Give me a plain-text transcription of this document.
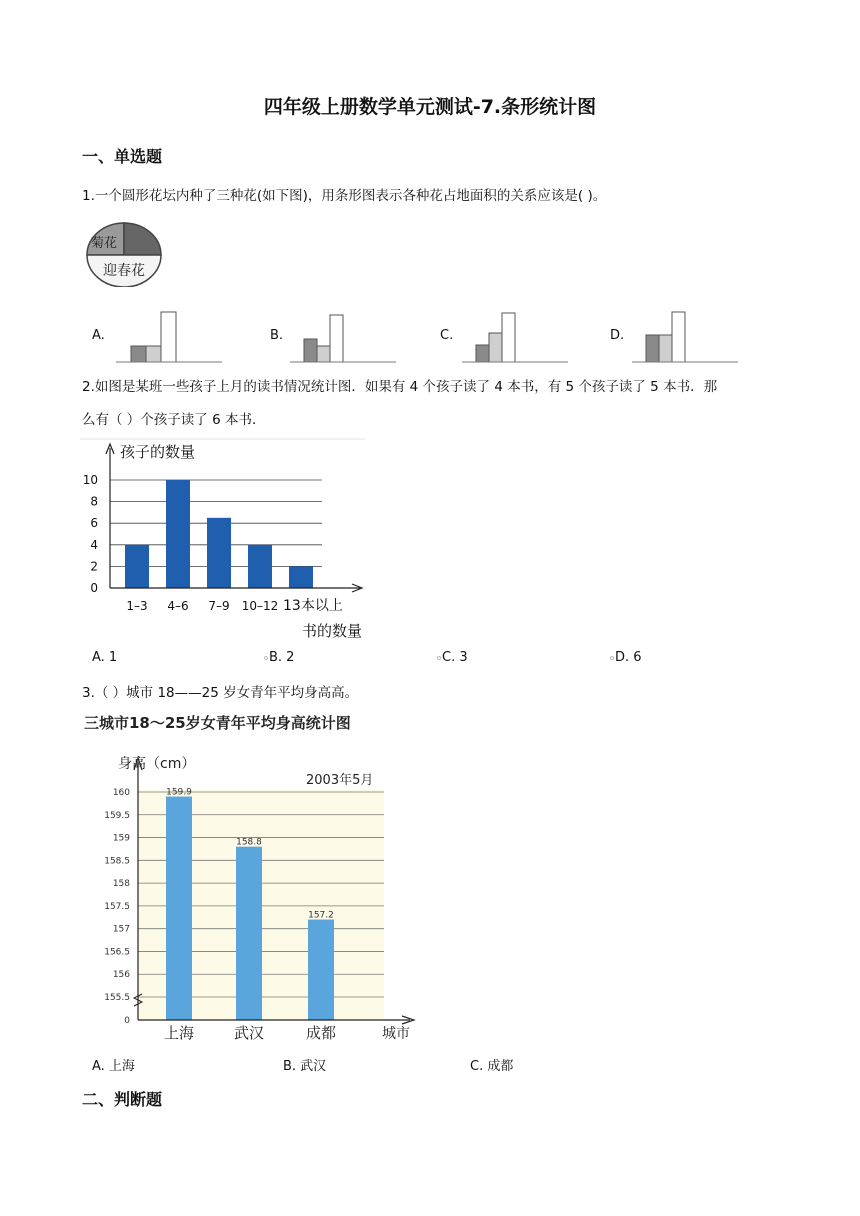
四年级上册数学单元测试-7.条形统计图
一、单选题
1.一个圆形花坛内种了三种花(如下图)，用条形图表示各种花占地面积的关系应该是( )。
菊花
迎春花
A.	B.	C.	D.
2.如图是某班一些孩子上月的读书情况统计图．如果有 4 个孩子读了 4 本书，有 5 个孩子读了 5 本书．那
么有（ ）个孩子读了 6 本书．
0
2
4
6
8
10
1–3 4–6 7–9 10–12 13本以上
孩子的数量
书的数量
A. 1	B. 2	C. 3	D. 6
3.（ ）城市 18——25 岁女青年平均身高高。
三城市18～25岁女青年平均身高统计图
0
155.5
156
156.5
157
157.5
158
158.5
159
159.5
160
上海	武汉	成都
159.9
158.8
157.2
身高（cm）
2003年5月
城市
A. 上海	B. 武汉	C. 成都
二、判断题
